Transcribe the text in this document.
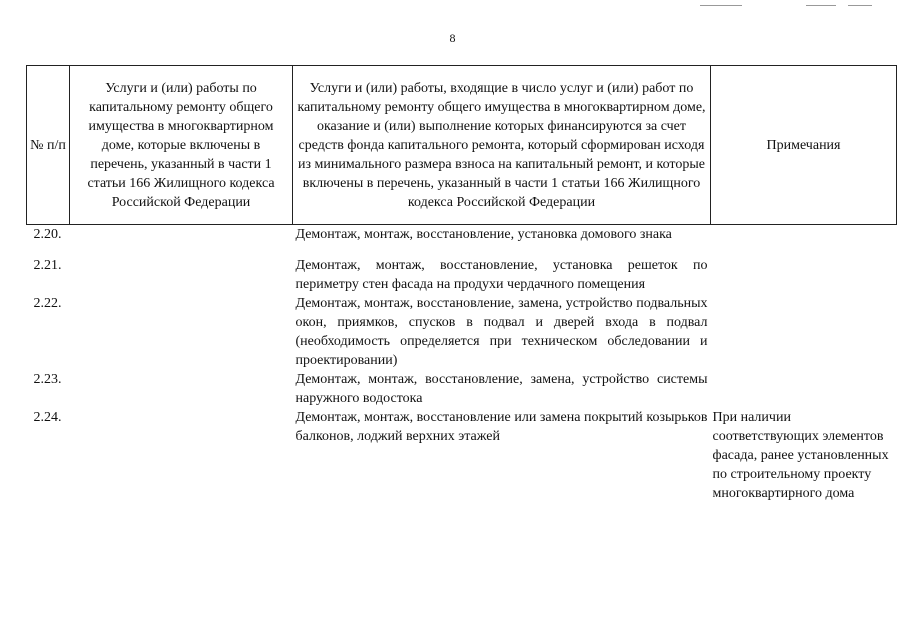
8
№ п/п	Услуги и (или) работы по капитальному ремонту общего имущества в многоквартирном доме, которые включены в перечень, указанный в части 1 статьи 166 Жилищного кодекса Российской Федерации	Услуги и (или) работы, входящие в число услуг и (или) работ по капитальному ремонту общего имущества в многоквартирном доме, оказание и (или) выполнение которых финансируются за счет средств фонда капитального ремонта, который сформирован исходя из минимального размера взноса на капитальный ремонт, и которые включены в перечень, указанный в части 1 статьи 166 Жилищного кодекса Российской Федерации	Примечания
2.20.		Демонтаж, монтаж, восстановление, установка домового знака	

2.21.		Демонтаж, монтаж, восстановление, установка решеток по периметру стен фасада на продухи чердачного помещения	
2.22.		Демонтаж, монтаж, восстановление, замена, устройство подвальных окон, приямков, спусков в подвал и дверей входа в подвал (необходимость определяется при техническом обследовании и проектировании)	
2.23.		Демонтаж, монтаж, восстановление, замена, устройство системы наружного водостока	
2.24.		Демонтаж, монтаж, восстановление или замена покрытий козырьков балконов, лоджий верхних этажей	При наличии соответствующих элементов фасада, ранее установленных по строительному проекту многоквартирного дома
